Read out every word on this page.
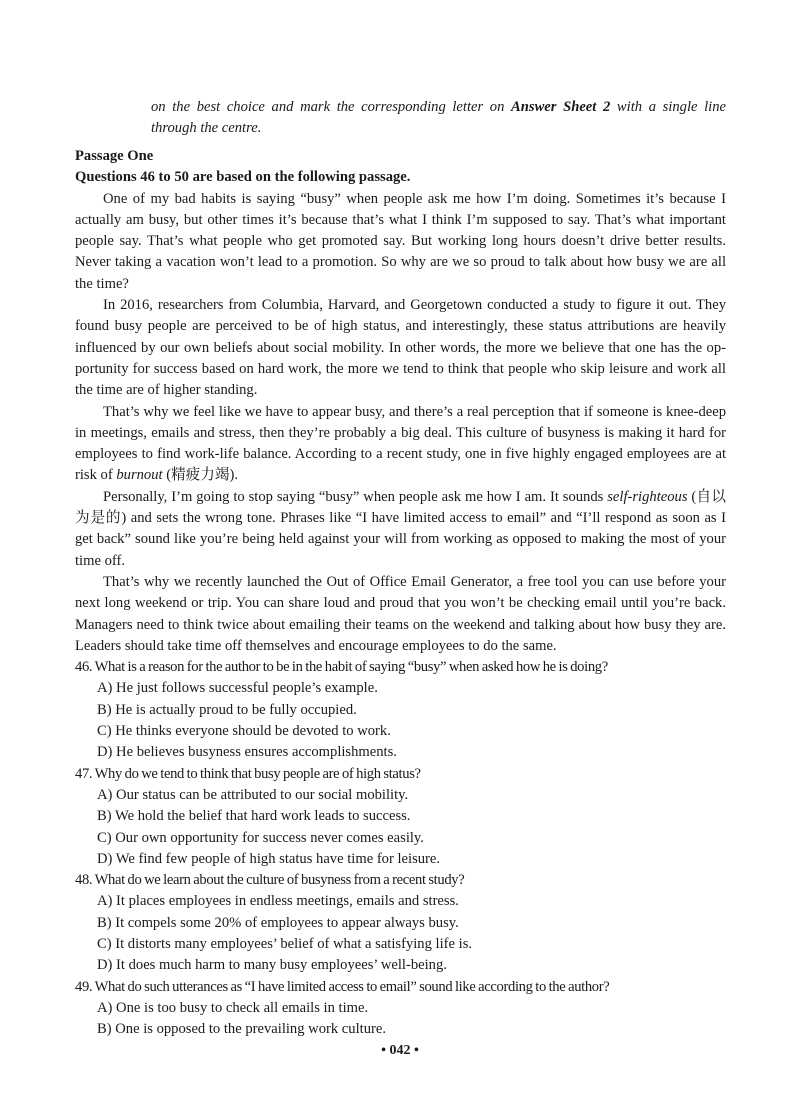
on the best choice and mark the corresponding letter on Answer Sheet 2 with a single line through the centre.

Passage One

Questions 46 to 50 are based on the following passage.

One of my bad habits is saying “busy” when people ask me how I’m doing. Sometimes it’s because I actually am busy, but other times it’s because that’s what I think I’m supposed to say. That’s what important people say. That’s what people who get promoted say. But working long hours doesn’t drive better results. Never taking a vacation won’t lead to a promotion. So why are we so proud to talk about how busy we are all the time?

In 2016, researchers from Columbia, Harvard, and Georgetown conducted a study to figure it out. They found busy people are perceived to be of high status, and interestingly, these status attributions are heavily influenced by our own beliefs about social mobility. In other words, the more we believe that one has the opportunity for success based on hard work, the more we tend to think that people who skip leisure and work all the time are of higher standing.

That’s why we feel like we have to appear busy, and there’s a real perception that if someone is knee-deep in meetings, emails and stress, then they’re probably a big deal. This culture of busyness is making it hard for employees to find work-life balance. According to a recent study, one in five highly engaged employees are at risk of burnout (精疲力竭).

Personally, I’m going to stop saying “busy” when people ask me how I am. It sounds self-righteous (自以为是的) and sets the wrong tone. Phrases like “I have limited access to email” and “I’ll respond as soon as I get back” sound like you’re being held against your will from working as opposed to making the most of your time off.

That’s why we recently launched the Out of Office Email Generator, a free tool you can use before your next long weekend or trip. You can share loud and proud that you won’t be checking email until you’re back. Managers need to think twice about emailing their teams on the weekend and talking about how busy they are. Leaders should take time off themselves and encourage employees to do the same.

46. What is a reason for the author to be in the habit of saying “busy” when asked how he is doing?

A) He just follows successful people’s example.

B) He is actually proud to be fully occupied.

C) He thinks everyone should be devoted to work.

D) He believes busyness ensures accomplishments.

47. Why do we tend to think that busy people are of high status?

A) Our status can be attributed to our social mobility.

B) We hold the belief that hard work leads to success.

C) Our own opportunity for success never comes easily.

D) We find few people of high status have time for leisure.

48. What do we learn about the culture of busyness from a recent study?

A) It places employees in endless meetings, emails and stress.

B) It compels some 20% of employees to appear always busy.

C) It distorts many employees’ belief of what a satisfying life is.

D) It does much harm to many busy employees’ well-being.

49. What do such utterances as “I have limited access to email” sound like according to the author?

A) One is too busy to check all emails in time.

B) One is opposed to the prevailing work culture.

• 042 •
